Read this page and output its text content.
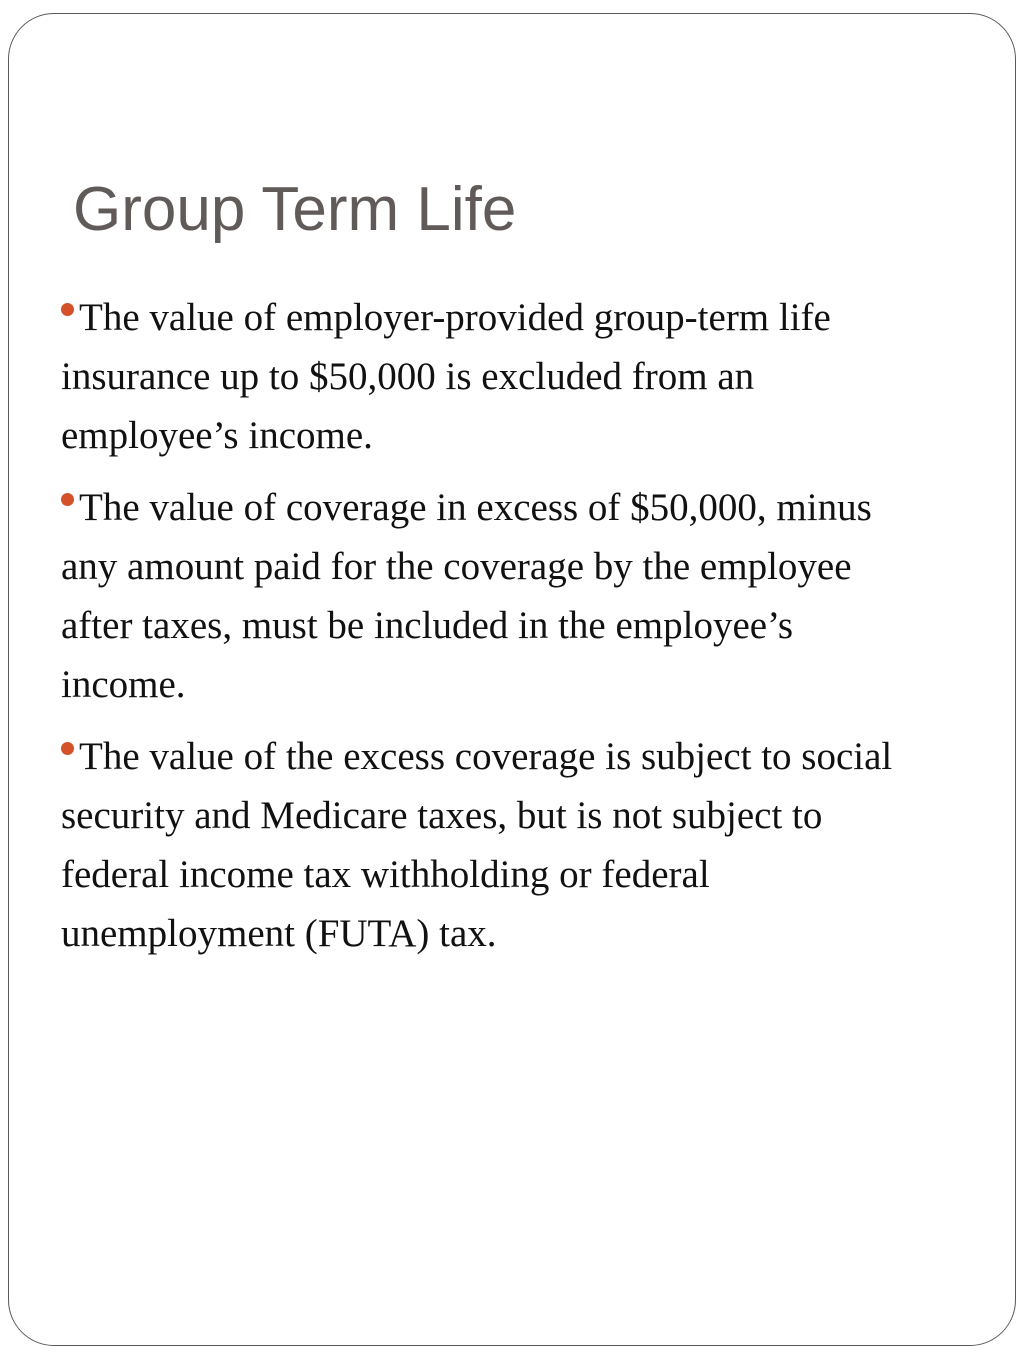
Group Term Life
The value of employer-provided group-term life insurance up to $50,000 is excluded from an employee’s income.
The value of coverage in excess of $50,000, minus any amount paid for the coverage by the employee after taxes, must be included in the employee’s income.
The value of the excess coverage is subject to social security and Medicare taxes, but is not subject to federal income tax withholding or federal unemployment (FUTA) tax.
